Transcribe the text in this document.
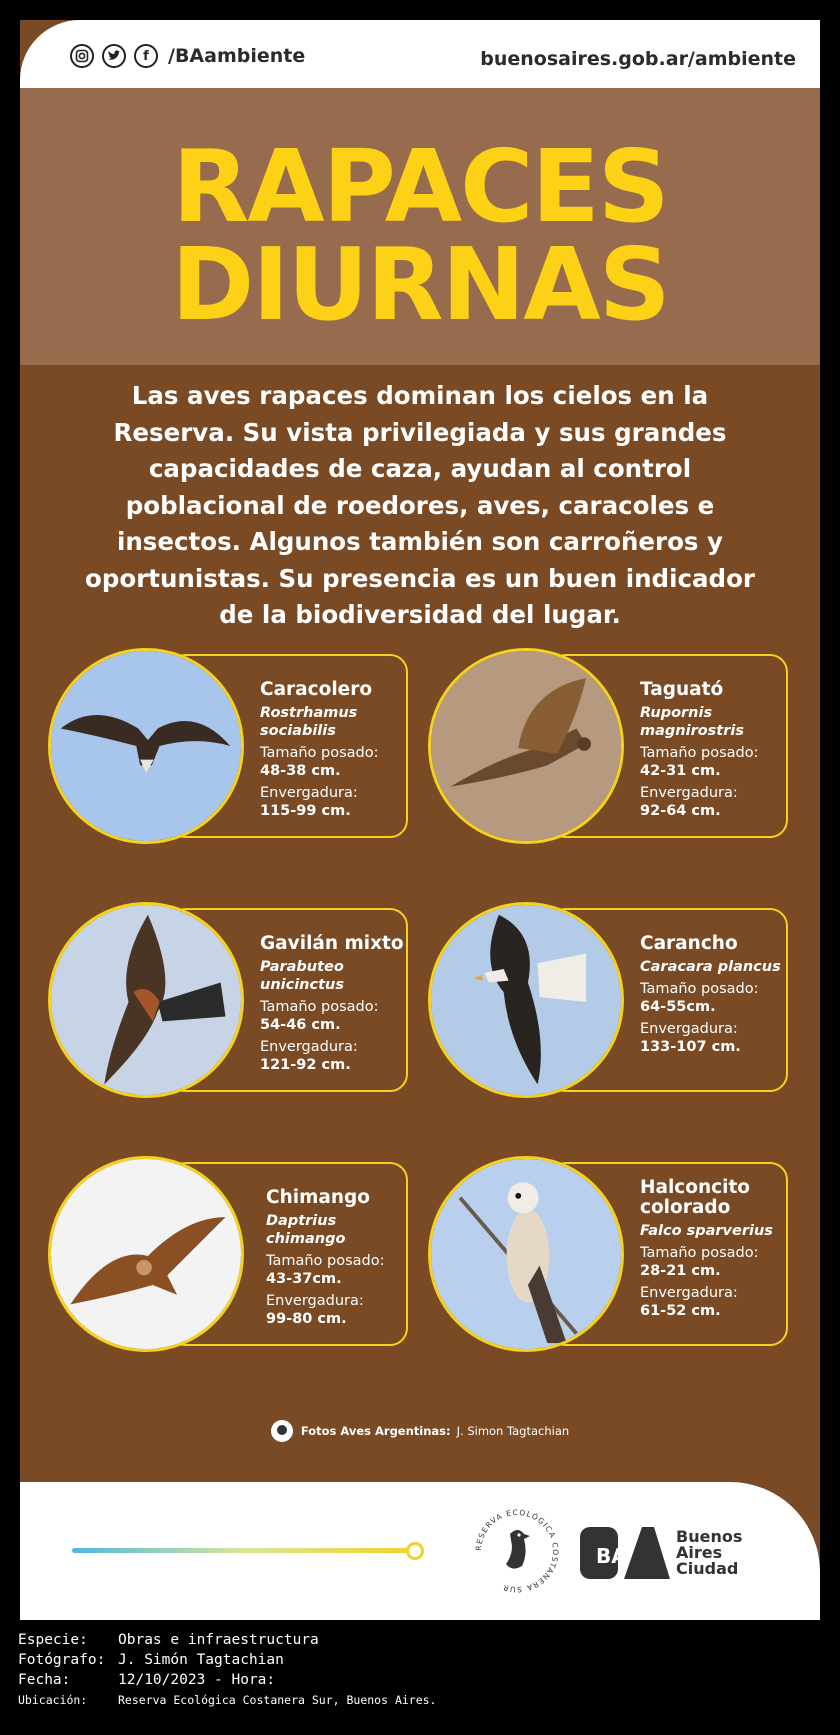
f	/BAambiente	buenosaires.gob.ar/ambiente
RAPACES
DIURNAS
Las aves rapaces dominan los cielos en la Reserva. Su vista privilegiada y sus grandes capacidades de caza, ayudan al control poblacional de roedores, aves, caracoles e insectos. Algunos también son carroñeros y oportunistas. Su presencia es un buen indicador de la biodiversidad del lugar.
Caracolero
Rostrhamus sociabilis
Tamaño posado:
48-38 cm.
Envergadura:
115-99 cm.
Taguató
Rupornis magnirostris
Tamaño posado:
42-31 cm.
Envergadura:
92-64 cm.
Gavilán mixto
Parabuteo unicinctus
Tamaño posado:
54-46 cm.
Envergadura:
121-92 cm.
Carancho
Caracara plancus
Tamaño posado:
64-55cm.
Envergadura:
133-107 cm.
Chimango
Daptrius chimango
Tamaño posado:
43-37cm.
Envergadura:
99-80 cm.
Halconcito colorado
Falco sparverius
Tamaño posado:
28-21 cm.
Envergadura:
61-52 cm.
Fotos Aves Argentinas: J. Simon Tagtachian
RESERVA ECOLÓGICA COSTANERA SUR
BA
Buenos
Aires
Ciudad
Especie:	Obras e infraestructura
Fotógrafo: J. Simón Tagtachian
Fecha:	12/10/2023 - Hora:
Ubicación:	Reserva Ecológica Costanera Sur, Buenos Aires.
